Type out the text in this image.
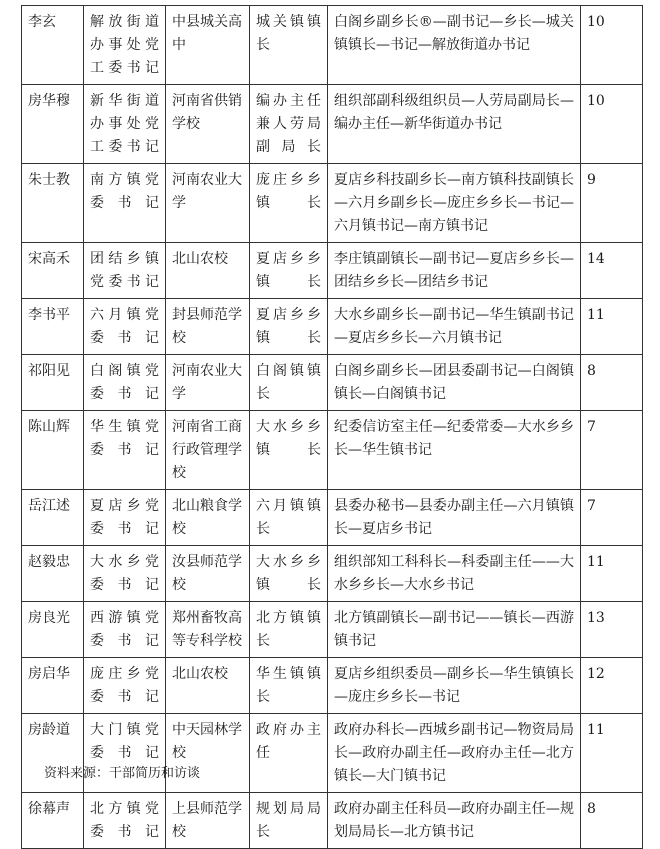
李玄	解放街道办事处党工委书记	中县城关高中	城关镇镇长	白阁乡副乡长®—副书记—乡长—城关镇镇长—书记—解放街道办书记	10
房华穆	新华街道办事处党工委书记	河南省供销学校	编办主任兼人劳局副局长	组织部副科级组织员—人劳局副局长—编办主任—新华街道办书记	10
朱士教	南方镇党委书记	河南农业大学	庞庄乡乡镇长	夏店乡科技副乡长—南方镇科技副镇长—六月乡副乡长—庞庄乡乡长—书记—六月镇书记—南方镇书记	9
宋高禾	团结乡镇党委书记	北山农校	夏店乡乡镇长	李庄镇副镇长—副书记—夏店乡乡长—团结乡乡长—团结乡书记	14
李书平	六月镇党委书记	封县师范学校	夏店乡乡镇长	大水乡副乡长—副书记—华生镇副书记—夏店乡乡长—六月镇书记	11
祁阳见	白阁镇党委书记	河南农业大学	白阁镇镇长	白阁乡副乡长—团县委副书记—白阁镇镇长—白阁镇书记	8
陈山辉	华生镇党委书记	河南省工商行政管理学校	大水乡乡镇长	纪委信访室主任—纪委常委—大水乡乡长—华生镇书记	7
岳江述	夏店乡党委书记	北山粮食学校	六月镇镇长	县委办秘书—县委办副主任—六月镇镇长—夏店乡书记	7
赵毅忠	大水乡党委书记	汝县师范学校	大水乡乡镇长	组织部知工科科长—科委副主任——大水乡乡长—大水乡书记	11
房良光	西游镇党委书记	郑州畜牧高等专科学校	北方镇镇长	北方镇副镇长—副书记——镇长—西游镇书记	13
房启华	庞庄乡党委书记	北山农校	华生镇镇长	夏店乡组织委员—副乡长—华生镇镇长—庞庄乡乡长—书记	12
房龄道	大门镇党委书记	中天园林学校	政府办主任	政府办科长—西城乡副书记—物资局局长—政府办副主任—政府办主任—北方镇长—大门镇书记	11
徐幕声	北方镇党委书记	上县师范学校	规划局局长	政府办副主任科员—政府办副主任—规划局局长—北方镇书记	8
资料来源：干部简历和访谈
